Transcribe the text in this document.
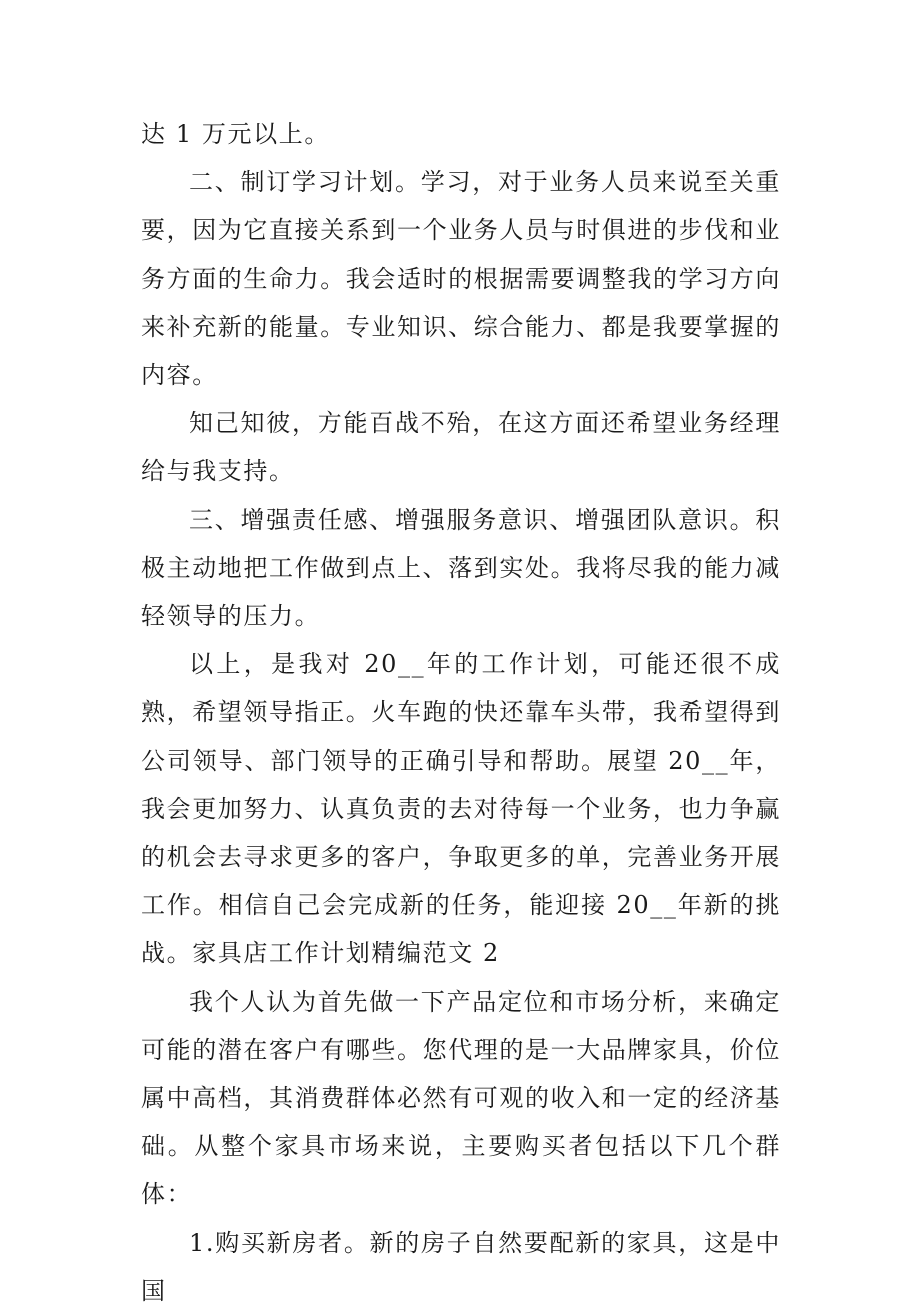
达 1 万元以上。

二、制订学习计划。学习，对于业务人员来说至关重要，因为它直接关系到一个业务人员与时俱进的步伐和业务方面的生命力。我会适时的根据需要调整我的学习方向来补充新的能量。专业知识、综合能力、都是我要掌握的内容。

知己知彼，方能百战不殆，在这方面还希望业务经理给与我支持。

三、增强责任感、增强服务意识、增强团队意识。积极主动地把工作做到点上、落到实处。我将尽我的能力减轻领导的压力。

以上，是我对 20__年的工作计划，可能还很不成熟，希望领导指正。火车跑的快还靠车头带，我希望得到公司领导、部门领导的正确引导和帮助。展望 20__年，我会更加努力、认真负责的去对待每一个业务，也力争赢的机会去寻求更多的客户，争取更多的单，完善业务开展工作。相信自己会完成新的任务，能迎接 20__年新的挑战。家具店工作计划精编范文 2

我个人认为首先做一下产品定位和市场分析，来确定可能的潜在客户有哪些。您代理的是一大品牌家具，价位属中高档，其消费群体必然有可观的收入和一定的经济基础。从整个家具市场来说，主要购买者包括以下几个群体：

1.购买新房者。新的房子自然要配新的家具，这是中国
